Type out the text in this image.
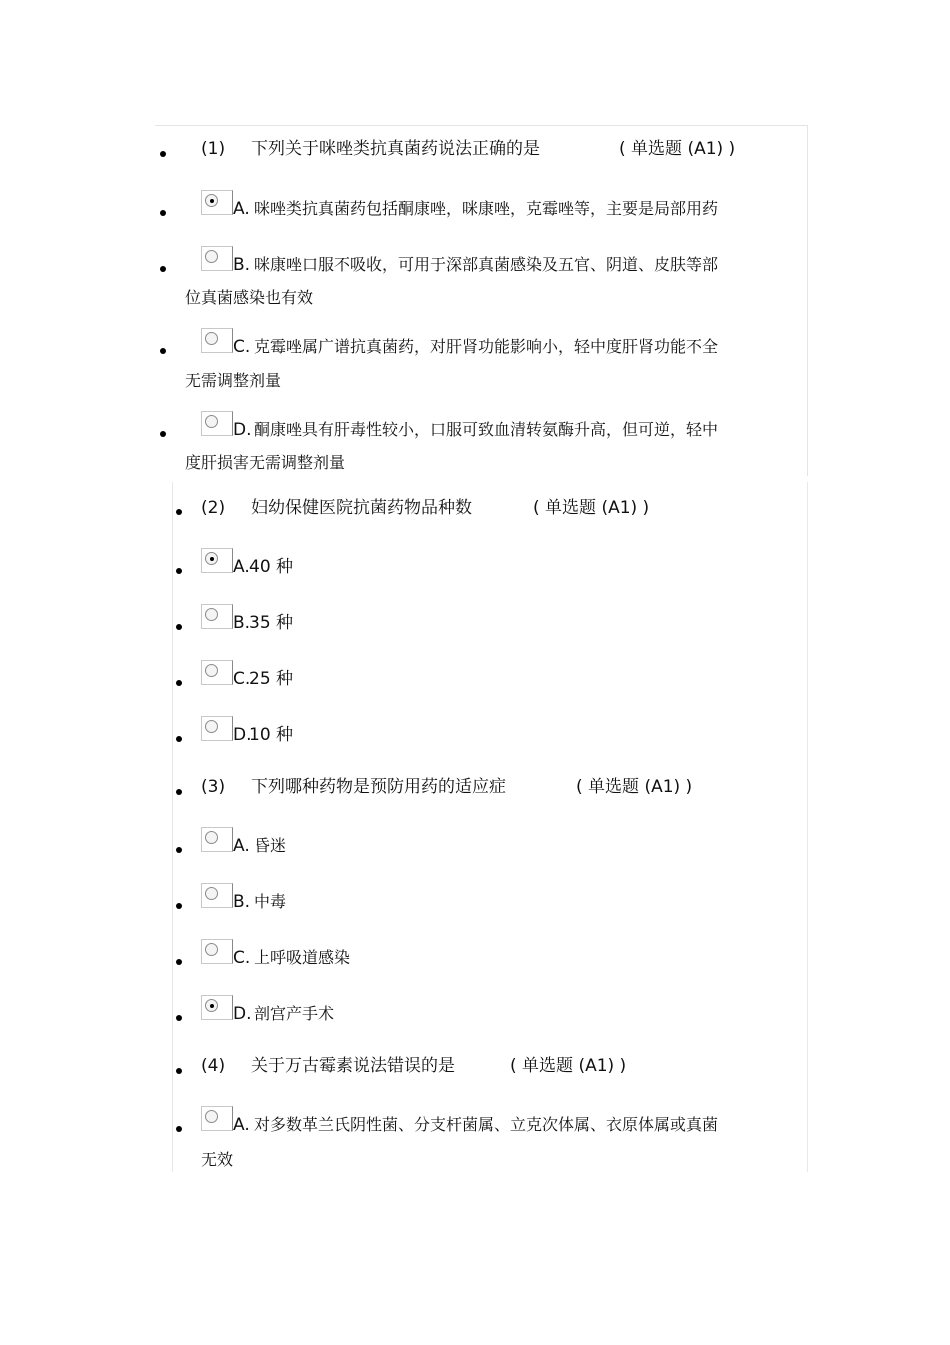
(1) 下列关于咪唑类抗真菌药说法正确的是	( 单选题 (A1) )
A. 咪唑类抗真菌药包括酮康唑，咪康唑，克霉唑等，主要是局部用药
B. 咪康唑口服不吸收，可用于深部真菌感染及五官、阴道、皮肤等部
位真菌感染也有效
C. 克霉唑属广谱抗真菌药，对肝肾功能影响小，轻中度肝肾功能不全
无需调整剂量
D. 酮康唑具有肝毒性较小，口服可致血清转氨酶升高，但可逆，轻中
度肝损害无需调整剂量
(2) 妇幼保健医院抗菌药物品种数	( 单选题 (A1) )
A. 40 种
B.
35 种
C.
25 种
D.
10 种
(3) 下列哪种药物是预防用药的适应症	( 单选题 (A1) )
A. 昏迷
B. 中毒
C. 上呼吸道感染
D. 剖宫产手术
(4) 关于万古霉素说法错误的是	( 单选题 (A1) )
A. 对多数革兰氏阴性菌、分支杆菌属、立克次体属、衣原体属或真菌
无效
